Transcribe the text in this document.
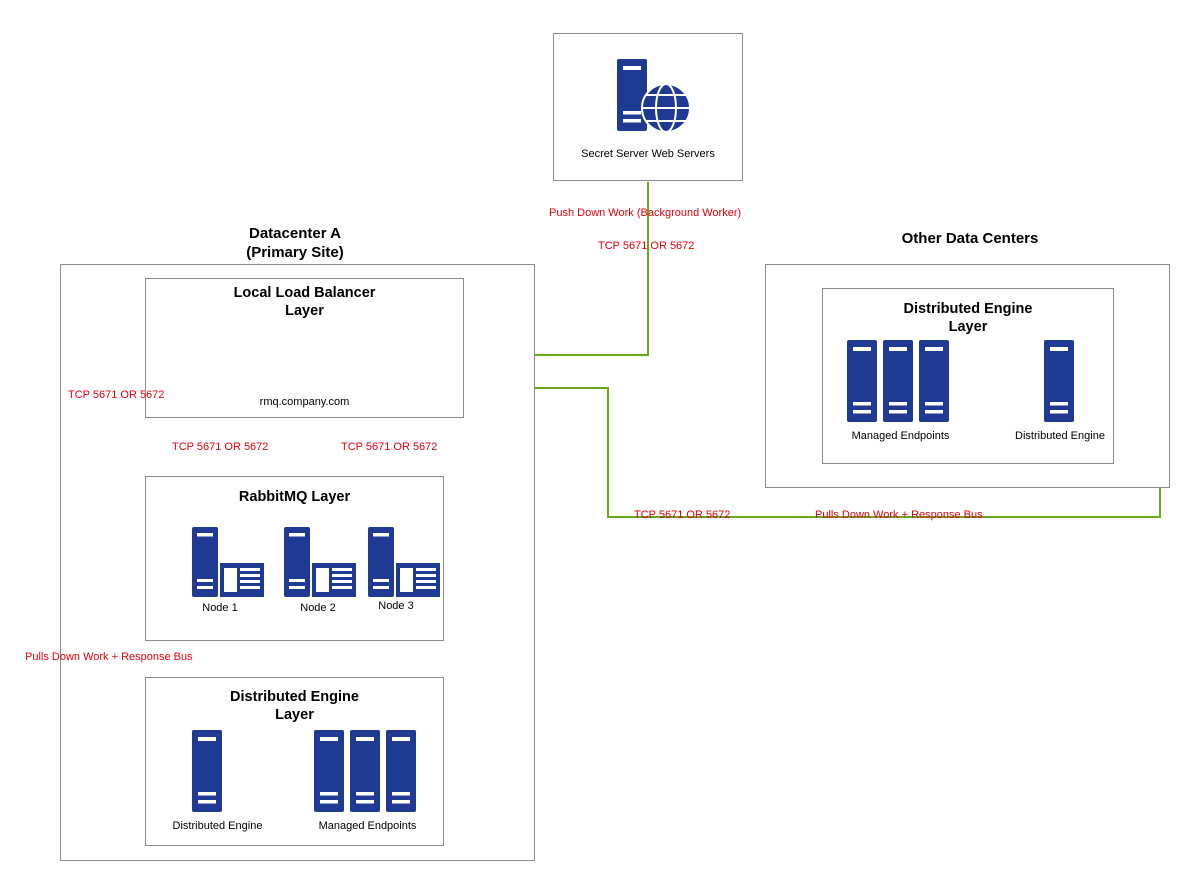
Secret Server Web Servers
Datacenter A
(Primary Site)
Local Load Balancer
Layer
rmq.company.com
RabbitMQ Layer
Node 1	Node 2	Node 3
Distributed Engine
Layer
Distributed Engine	Managed Endpoints
Other Data Centers
Distributed Engine
Layer
Managed Endpoints	Distributed Engine
Push Down Work (Background Worker)
TCP 5671 OR 5672
TCP 5671 OR 5672
TCP 5671 OR 5672	TCP 5671 OR 5672
Pulls Down Work + Response Bus
TCP 5671 OR 5672	Pulls Down Work + Response Bus
